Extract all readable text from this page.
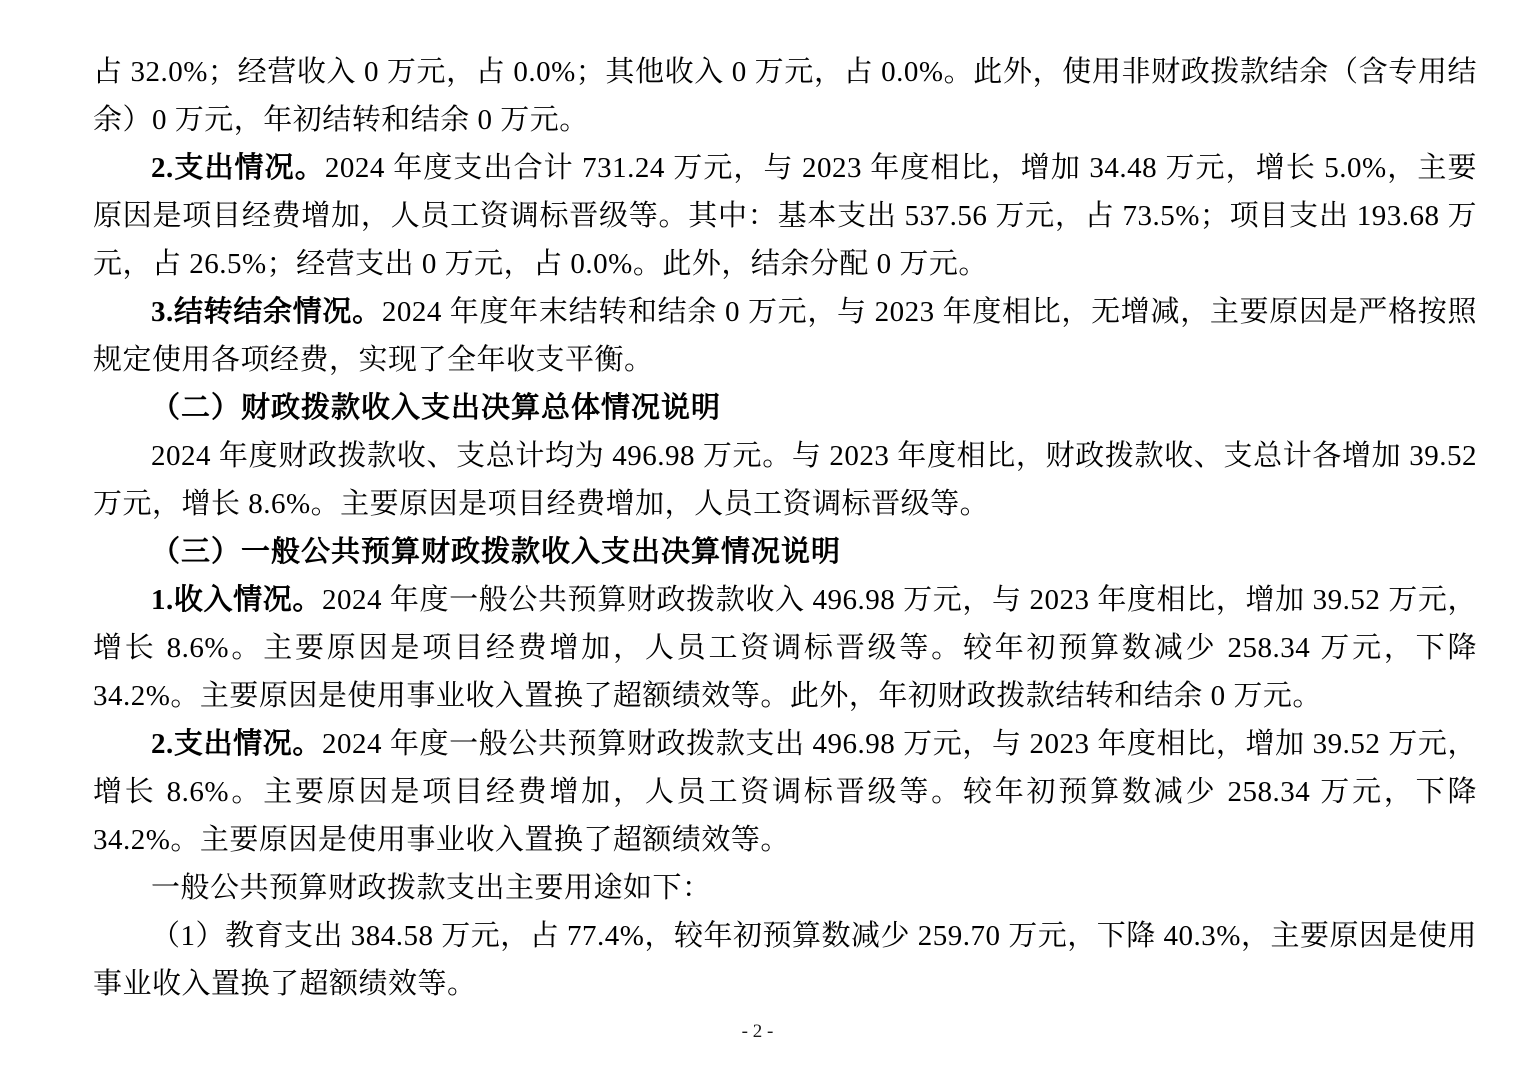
占 32.0%；经营收入 0 万元，占 0.0%；其他收入 0 万元，占 0.0%。此外，使用非财政拨款结余（含专用结余）0 万元，年初结转和结余 0 万元。

2.支出情况。2024 年度支出合计 731.24 万元，与 2023 年度相比，增加 34.48 万元，增长 5.0%，主要原因是项目经费增加，人员工资调标晋级等。其中：基本支出 537.56 万元，占 73.5%；项目支出 193.68 万元，占 26.5%；经营支出 0 万元，占 0.0%。此外，结余分配 0 万元。

3.结转结余情况。2024 年度年末结转和结余 0 万元，与 2023 年度相比，无增减，主要原因是严格按照规定使用各项经费，实现了全年收支平衡。

（二）财政拨款收入支出决算总体情况说明

2024 年度财政拨款收、支总计均为 496.98 万元。与 2023 年度相比，财政拨款收、支总计各增加 39.52 万元，增长 8.6%。主要原因是项目经费增加，人员工资调标晋级等。

（三）一般公共预算财政拨款收入支出决算情况说明

1.收入情况。2024 年度一般公共预算财政拨款收入 496.98 万元，与 2023 年度相比，增加 39.52 万元，增长 8.6%。主要原因是项目经费增加，人员工资调标晋级等。较年初预算数减少 258.34 万元，下降 34.2%。主要原因是使用事业收入置换了超额绩效等。此外，年初财政拨款结转和结余 0 万元。

2.支出情况。2024 年度一般公共预算财政拨款支出 496.98 万元，与 2023 年度相比，增加 39.52 万元，增长 8.6%。主要原因是项目经费增加，人员工资调标晋级等。较年初预算数减少 258.34 万元，下降 34.2%。主要原因是使用事业收入置换了超额绩效等。

一般公共预算财政拨款支出主要用途如下：

（1）教育支出 384.58 万元，占 77.4%，较年初预算数减少 259.70 万元，下降 40.3%，主要原因是使用事业收入置换了超额绩效等。

- 2 -
